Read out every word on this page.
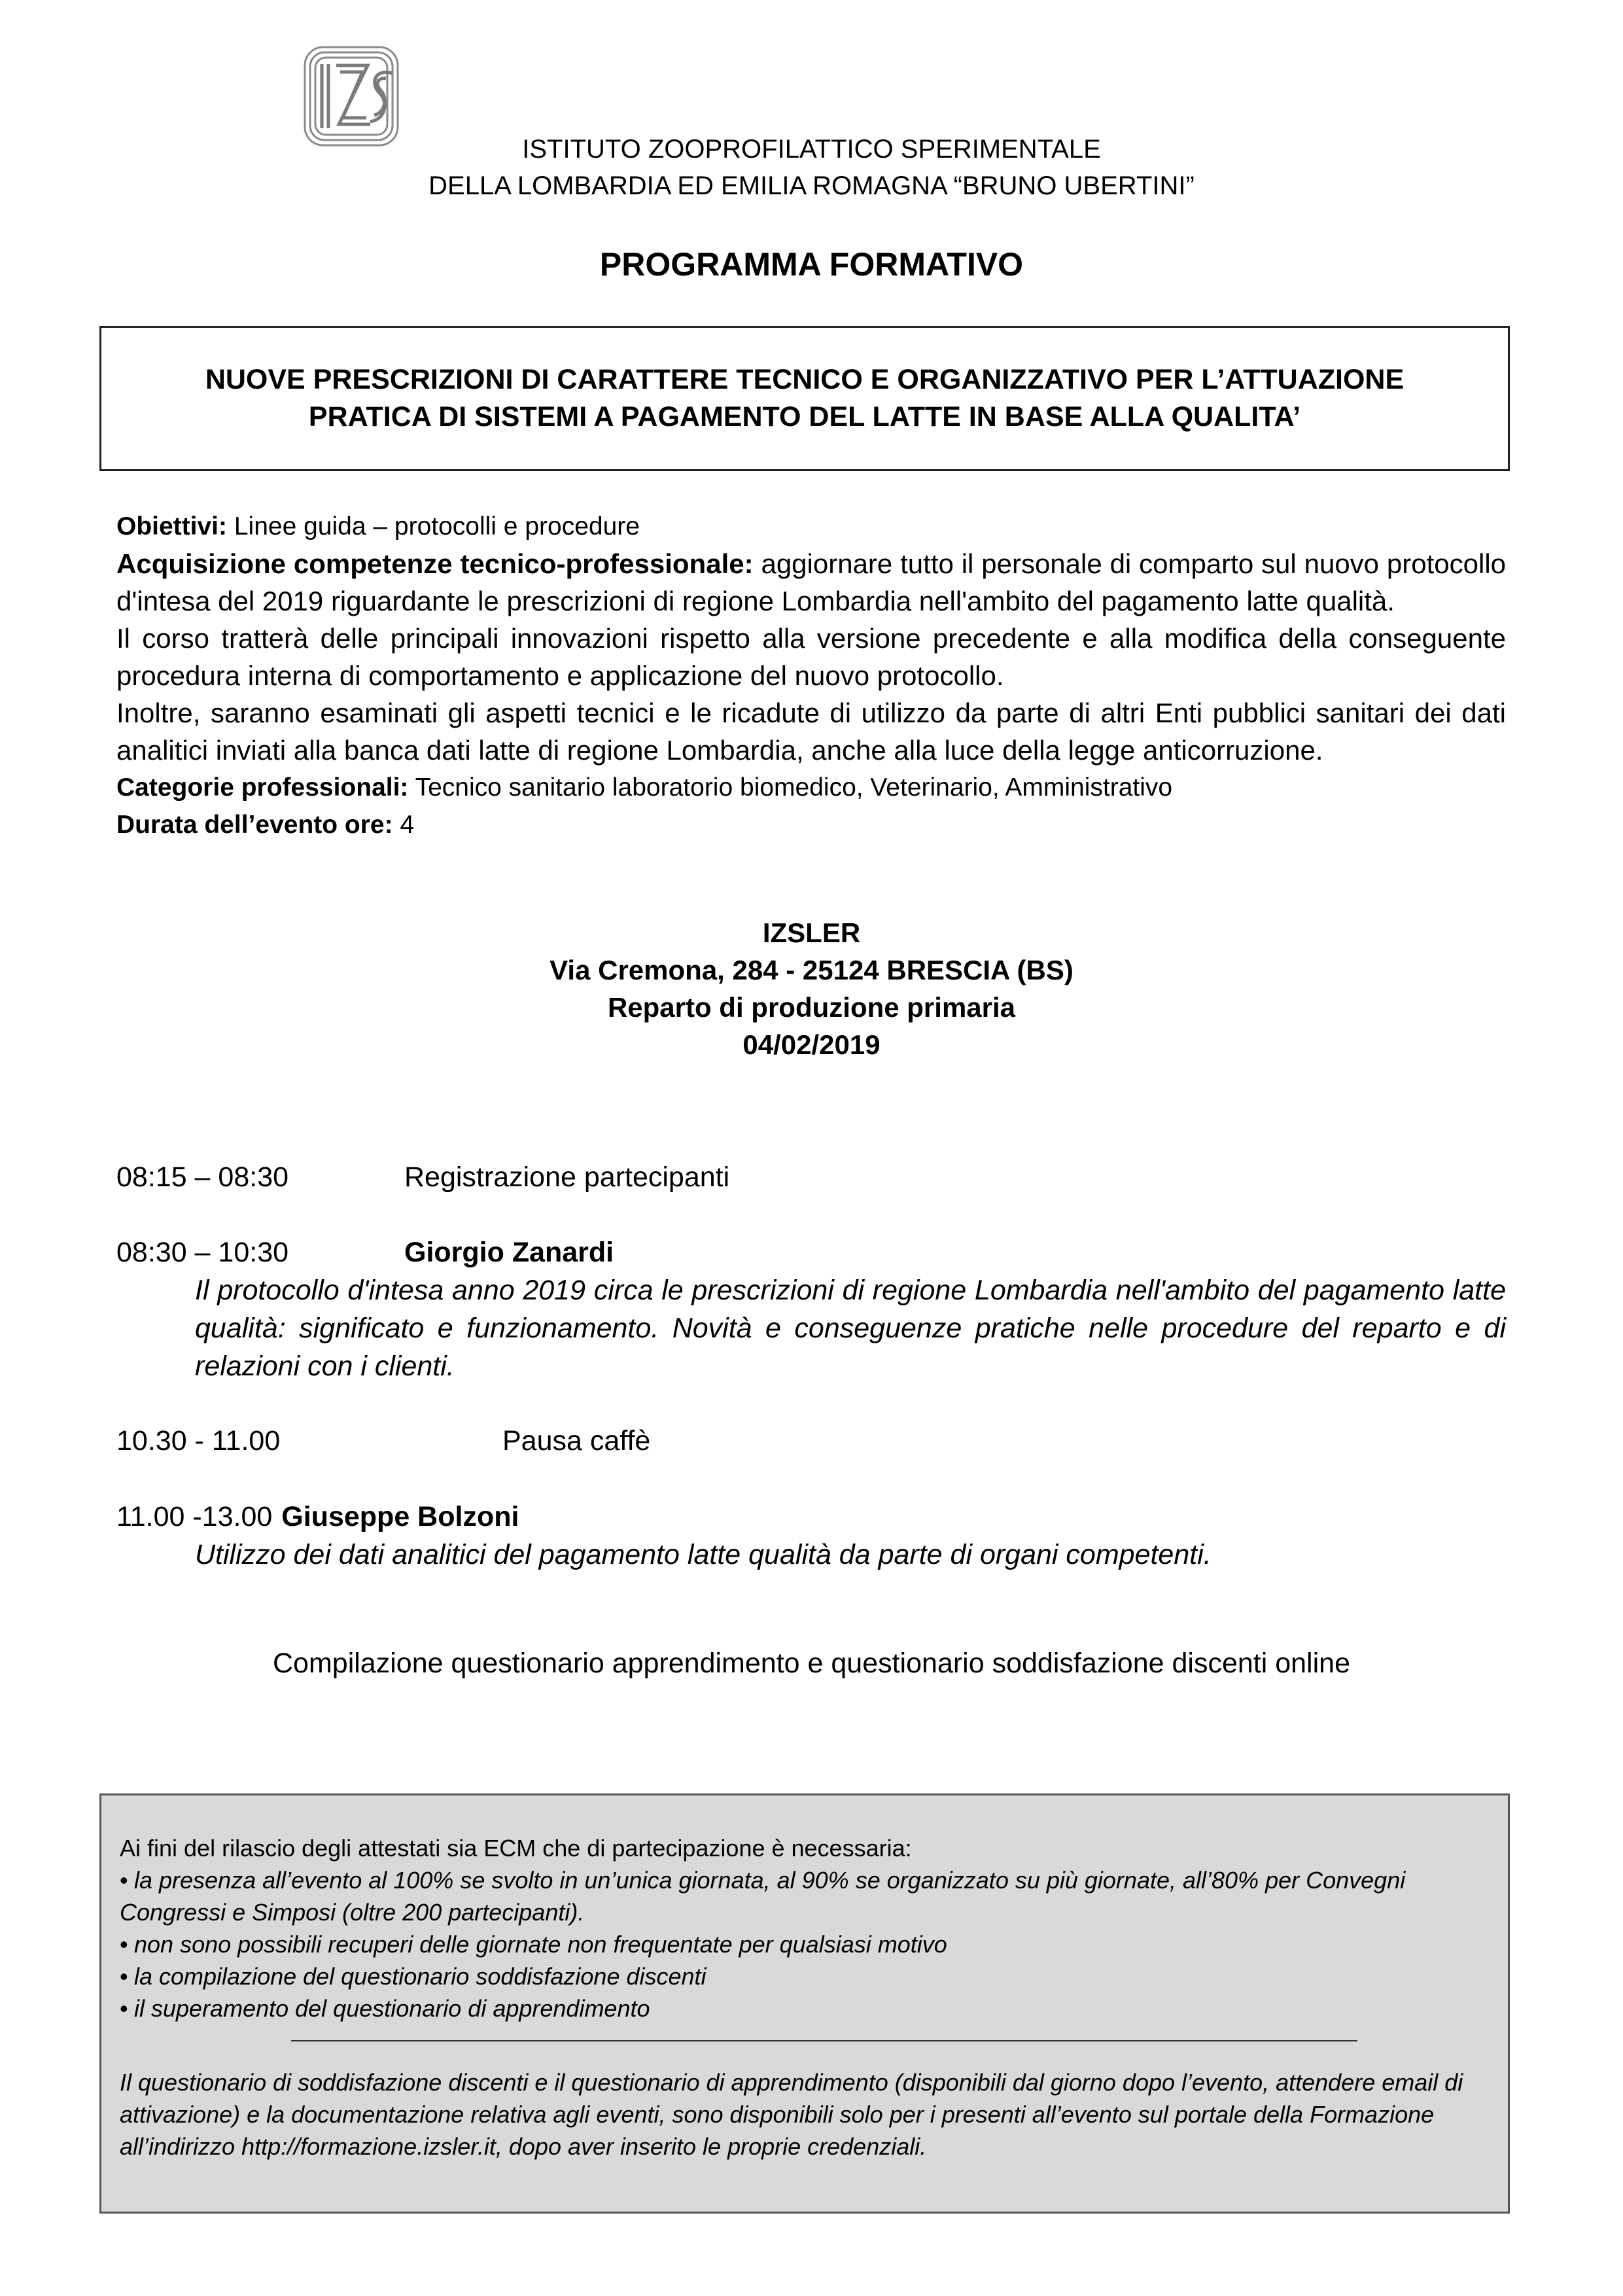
ISTITUTO ZOOPROFILATTICO SPERIMENTALE
DELLA LOMBARDIA ED EMILIA ROMAGNA “BRUNO UBERTINI”
PROGRAMMA FORMATIVO
NUOVE PRESCRIZIONI DI CARATTERE TECNICO E ORGANIZZATIVO PER L’ATTUAZIONE PRATICA DI SISTEMI A PAGAMENTO DEL LATTE IN BASE ALLA QUALITA’

Obiettivi: Linee guida – protocolli e procedure

Acquisizione competenze tecnico-professionale: aggiornare tutto il personale di comparto sul nuovo protocollo d'intesa del 2019 riguardante le prescrizioni di regione Lombardia nell'ambito del pagamento latte qualità.

Il corso tratterà delle principali innovazioni rispetto alla versione precedente e alla modifica della conseguente procedura interna di comportamento e applicazione del nuovo protocollo.

Inoltre, saranno esaminati gli aspetti tecnici e le ricadute di utilizzo da parte di altri Enti pubblici sanitari dei dati analitici inviati alla banca dati latte di regione Lombardia, anche alla luce della legge anticorruzione.

Categorie professionali: Tecnico sanitario laboratorio biomedico, Veterinario, Amministrativo

Durata dell’evento ore: 4

IZSLER
Via Cremona, 284 - 25124 BRESCIA (BS)
Reparto di produzione primaria
04/02/2019
08:15 – 08:30	Registrazione partecipanti
08:30 – 10:30	Giorgio Zanardi
Il protocollo d'intesa anno 2019 circa le prescrizioni di regione Lombardia nell'ambito del pagamento latte qualità: significato e funzionamento. Novità e conseguenze pratiche nelle procedure del reparto e di relazioni con i clienti.
10.30 - 11.00	Pausa caffè
11.00 -13.00 Giuseppe Bolzoni
Utilizzo dei dati analitici del pagamento latte qualità da parte di organi competenti.
Compilazione questionario apprendimento e questionario soddisfazione discenti online
Ai fini del rilascio degli attestati sia ECM che di partecipazione è necessaria:
• la presenza all’evento al 100% se svolto in un’unica giornata, al 90% se organizzato su più giornate, all’80% per Convegni Congressi e Simposi (oltre 200 partecipanti).
• non sono possibili recuperi delle giornate non frequentate per qualsiasi motivo
• la compilazione del questionario soddisfazione discenti
• il superamento del questionario di apprendimento
Il questionario di soddisfazione discenti e il questionario di apprendimento (disponibili dal giorno dopo l’evento, attendere email di attivazione) e la documentazione relativa agli eventi, sono disponibili solo per i presenti all’evento sul portale della Formazione all’indirizzo http://formazione.izsler.it, dopo aver inserito le proprie credenziali.
